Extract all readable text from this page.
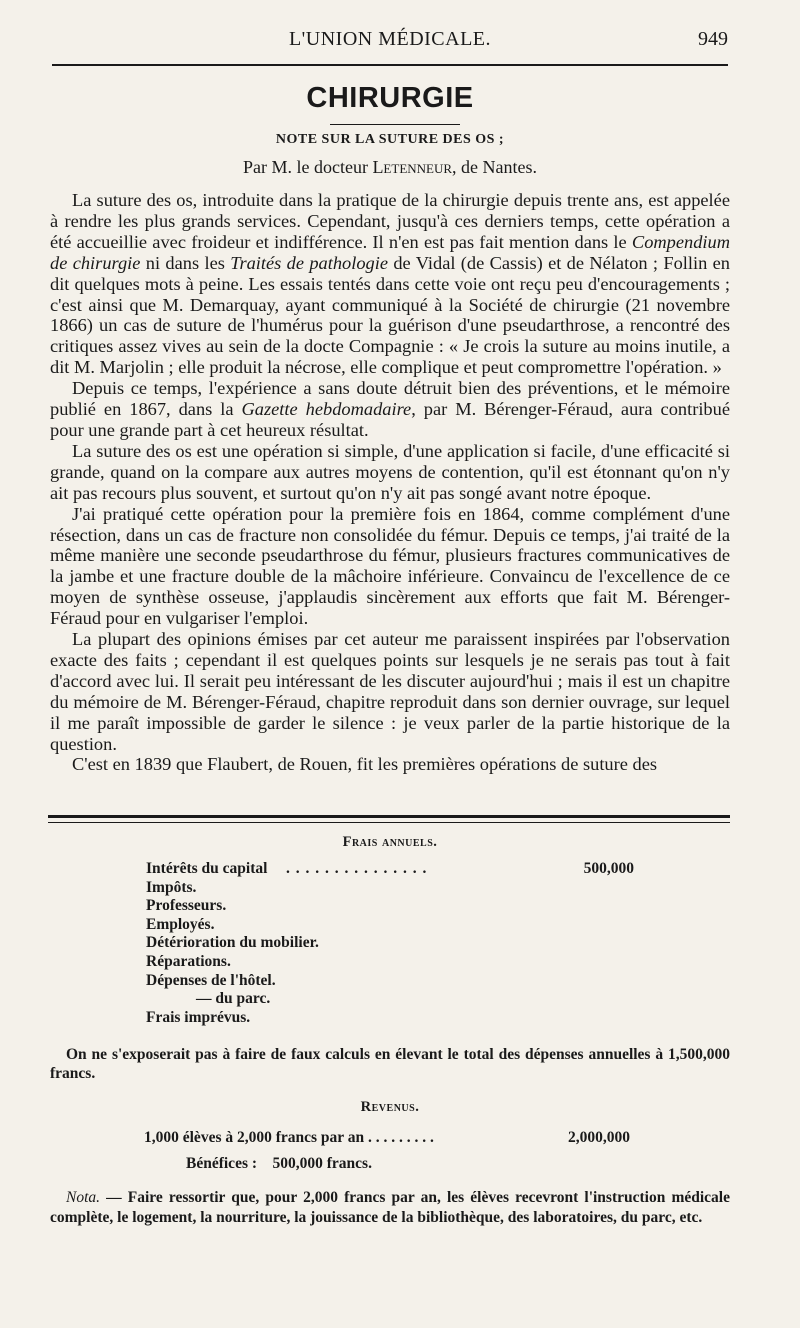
L'UNION MÉDICALE.	949
CHIRURGIE
NOTE SUR LA SUTURE DES OS ;
Par M. le docteur Letenneur, de Nantes.

La suture des os, introduite dans la pratique de la chirurgie depuis trente ans, est appelée à rendre les plus grands services. Cependant, jusqu'à ces derniers temps, cette opération a été accueillie avec froideur et indifférence. Il n'en est pas fait mention dans le Compendium de chirurgie ni dans les Traités de pathologie de Vidal (de Cassis) et de Nélaton ; Follin en dit quelques mots à peine. Les essais tentés dans cette voie ont reçu peu d'encouragements ; c'est ainsi que M. Demarquay, ayant communiqué à la Société de chirurgie (21 novembre 1866) un cas de suture de l'humérus pour la guérison d'une pseudarthrose, a rencontré des critiques assez vives au sein de la docte Compagnie : « Je crois la suture au moins inutile, a dit M. Marjolin ; elle produit la nécrose, elle complique et peut compromettre l'opération. »

Depuis ce temps, l'expérience a sans doute détruit bien des préventions, et le mémoire publié en 1867, dans la Gazette hebdomadaire, par M. Bérenger-Féraud, aura contribué pour une grande part à cet heureux résultat.

La suture des os est une opération si simple, d'une application si facile, d'une efficacité si grande, quand on la compare aux autres moyens de contention, qu'il est étonnant qu'on n'y ait pas recours plus souvent, et surtout qu'on n'y ait pas songé avant notre époque.

J'ai pratiqué cette opération pour la première fois en 1864, comme complément d'une résection, dans un cas de fracture non consolidée du fémur. Depuis ce temps, j'ai traité de la même manière une seconde pseudarthrose du fémur, plusieurs fractures communicatives de la jambe et une fracture double de la mâchoire inférieure. Convaincu de l'excellence de ce moyen de synthèse osseuse, j'applaudis sincèrement aux efforts que fait M. Bérenger-Féraud pour en vulgariser l'emploi.

La plupart des opinions émises par cet auteur me paraissent inspirées par l'observation exacte des faits ; cependant il est quelques points sur lesquels je ne serais pas tout à fait d'accord avec lui. Il serait peu intéressant de les discuter aujourd'hui ; mais il est un chapitre du mémoire de M. Bérenger-Féraud, chapitre reproduit dans son dernier ouvrage, sur lequel il me paraît impossible de garder le silence : je veux parler de la partie historique de la question.

C'est en 1839 que Flaubert, de Rouen, fit les premières opérations de suture des

Frais annuels.
Intérêts du capital . . . . . . . . . . . . . . .	500,000
Impôts.
Professeurs.
Employés.
Détérioration du mobilier.
Réparations.
Dépenses de l'hôtel.
— du parc.
Frais imprévus.

On ne s'exposerait pas à faire de faux calculs en élevant le total des dépenses annuelles à 1,500,000 francs.

Revenus.
1,000 élèves à 2,000 francs par an . . . . . . . . .	2,000,000
Bénéfices : 500,000 francs.

Nota. — Faire ressortir que, pour 2,000 francs par an, les élèves recevront l'instruction médicale complète, le logement, la nourriture, la jouissance de la bibliothèque, des laboratoires, du parc, etc.
